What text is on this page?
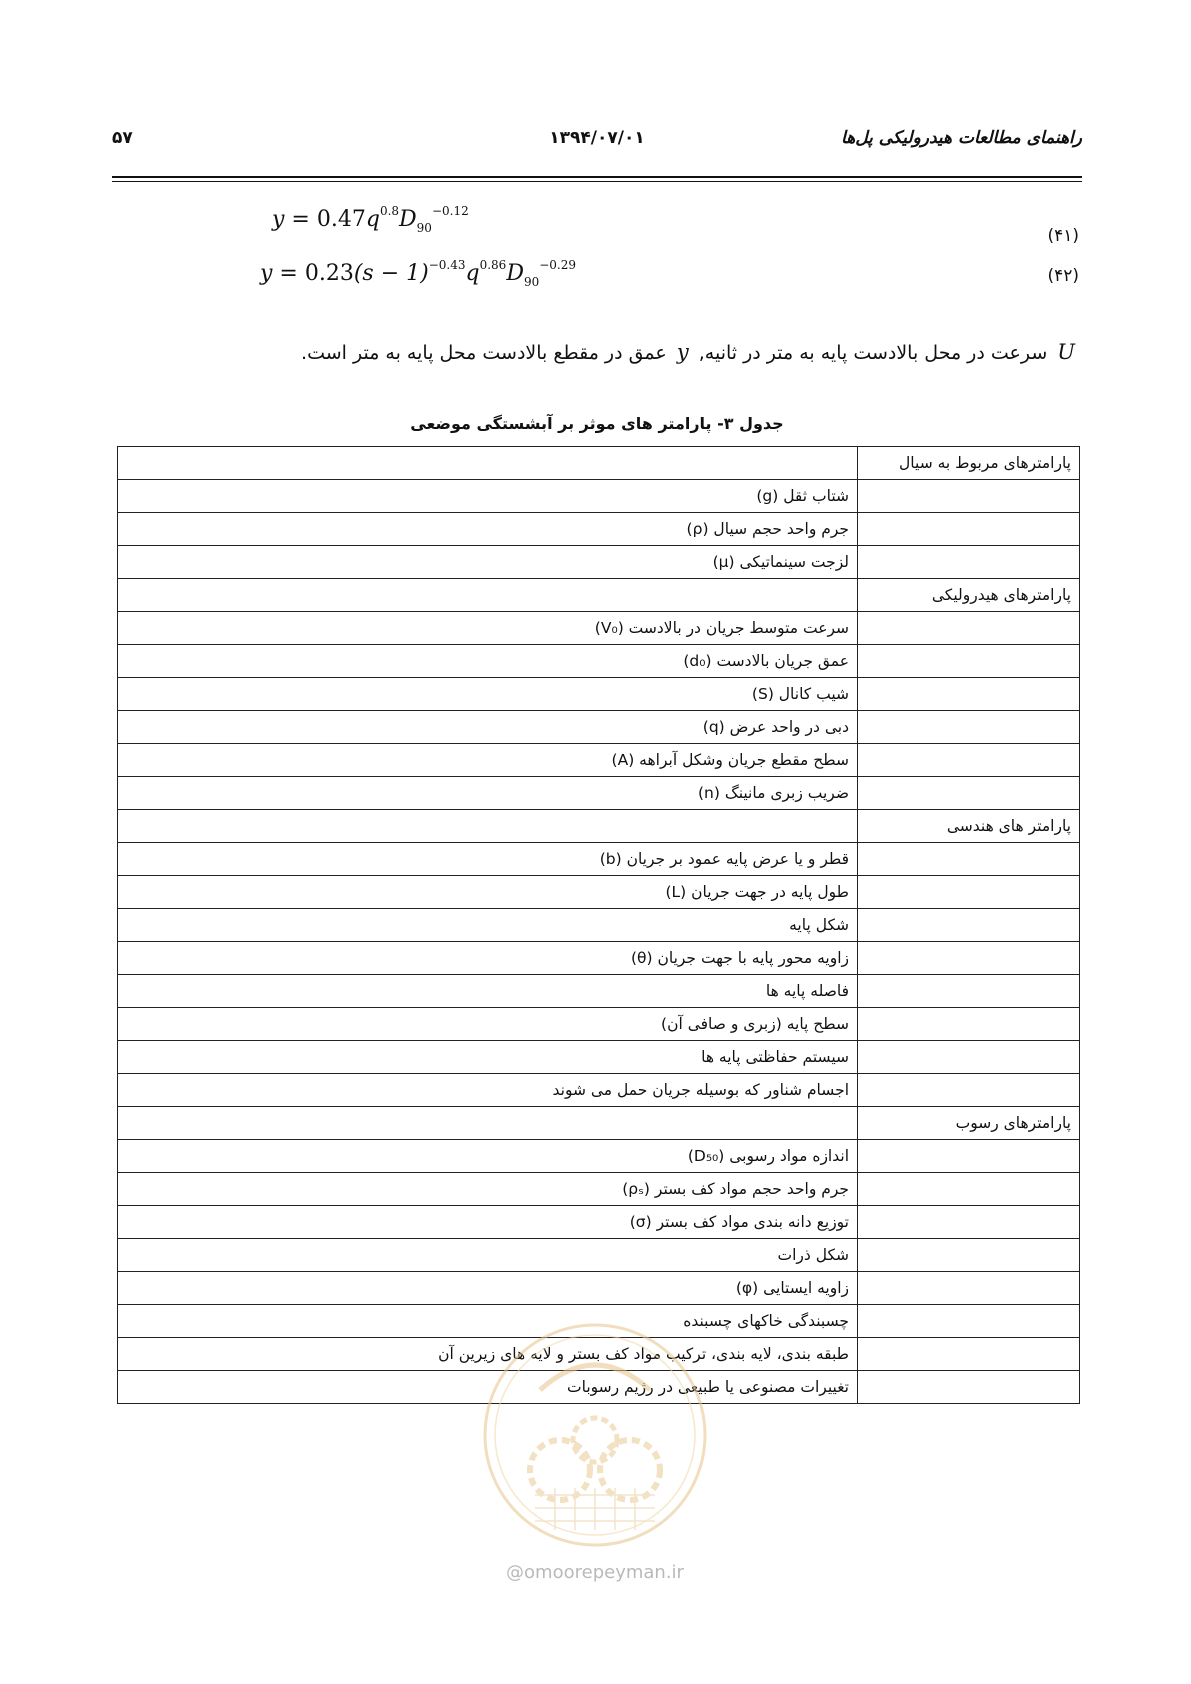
۵۷	۱۳۹۴/۰۷/۰۱	راهنمای مطالعات هیدرولیکی پل‌ها
$y = 0.47q^{0.8}D_{90}^{-0.12}$
(۴۱)
$y = 0.23(s - 1)^{-0.43}q^{0.86}D_{90}^{-0.29}$
(۴۲)
U سرعت در محل بالادست پایه به متر در ثانیه, y عمق در مقطع بالادست محل پایه به متر است.
جدول ۳- پارامتر های موثر بر آبشستگی موضعی
پارامترهای مربوط به سیال	
	شتاب ثقل (g)
	جرم واحد حجم سیال (ρ)
	لزجت سینماتیکی (μ)
پارامترهای هیدرولیکی	
	سرعت متوسط جریان در بالادست (V₀)
	عمق جریان بالادست (d₀)
	شیب کانال (S)
	دبی در واحد عرض (q)
	سطح مقطع جریان وشکل آبراهه (A)
	ضریب زبری مانینگ (n)
پارامتر های هندسی	
	قطر و یا عرض پایه عمود بر جریان (b)
	طول پایه در جهت جریان (L)
	شکل پایه
	زاویه محور پایه با جهت جریان (θ)
	فاصله پایه ها
	سطح پایه (زبری و صافی آن)
	سیستم حفاظتی پایه ها
	اجسام شناور که بوسیله جریان حمل می شوند
پارامترهای رسوب	
	اندازه مواد رسوبی (D₅₀)
	جرم واحد حجم مواد کف بستر (ρₛ)
	توزیع دانه بندی مواد کف بستر (σ)
	شکل ذرات
	زاویه ایستایی (φ)
	چسبندگی خاکهای چسبنده
	طبقه بندی، لایه بندی، ترکیب مواد کف بستر و لایه های زیرین آن
	تغییرات مصنوعی یا طبیعی در رژیم رسوبات
@omoorepeyman.ir
